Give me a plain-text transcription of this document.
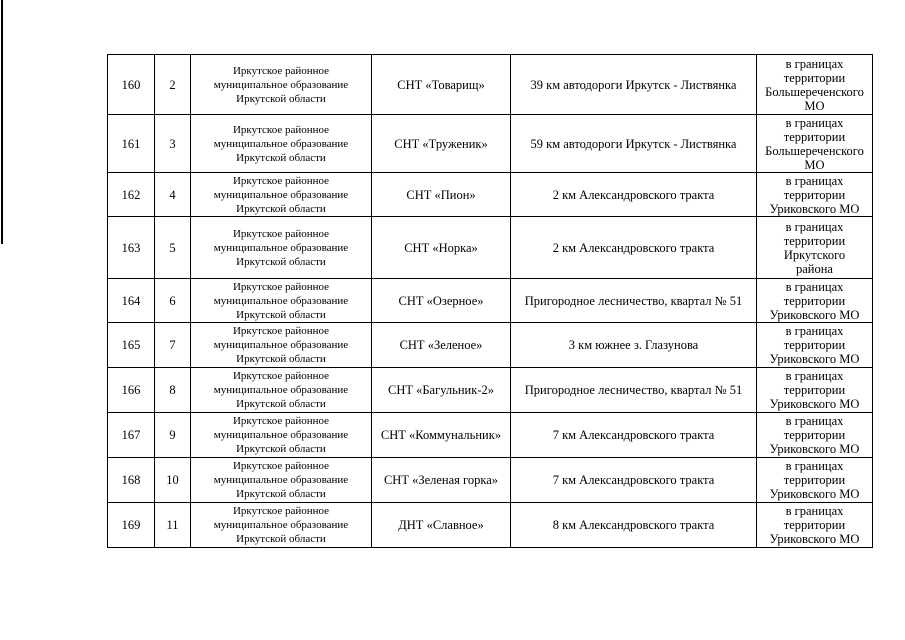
160	2	Иркутское районное
муниципальное образование
Иркутской области	СНТ «Товарищ»	39 км автодороги Иркутск - Листвянка	в границах
территории
Большереченского
МО

161	3	Иркутское районное
муниципальное образование
Иркутской области	СНТ «Труженик»	59 км автодороги Иркутск - Листвянка	в границах
территории
Большереченского
МО

162	4	Иркутское районное
муниципальное образование
Иркутской области	СНТ «Пион»	2 км Александровского тракта	в границах
территории
Уриковского МО

163	5	Иркутское районное
муниципальное образование
Иркутской области	СНТ «Норка»	2 км Александровского тракта	в границах
территории
Иркутского
района

164	6	Иркутское районное
муниципальное образование
Иркутской области	СНТ «Озерное»	Пригородное лесничество, квартал № 51	в границах
территории
Уриковского МО

165	7	Иркутское районное
муниципальное образование
Иркутской области	СНТ «Зеленое»	3 км южнее з. Глазунова	в границах
территории
Уриковского МО

166	8	Иркутское районное
муниципальное образование
Иркутской области	СНТ «Багульник-2»	Пригородное лесничество, квартал № 51	в границах
территории
Уриковского МО

167	9	Иркутское районное
муниципальное образование
Иркутской области	СНТ «Коммунальник»	7 км Александровского тракта	в границах
территории
Уриковского МО

168	10	Иркутское районное
муниципальное образование
Иркутской области	СНТ «Зеленая горка»	7 км Александровского тракта	в границах
территории
Уриковского МО

169	11	Иркутское районное
муниципальное образование
Иркутской области	ДНТ «Славное»	8 км Александровского тракта	в границах
территории
Уриковского МО
